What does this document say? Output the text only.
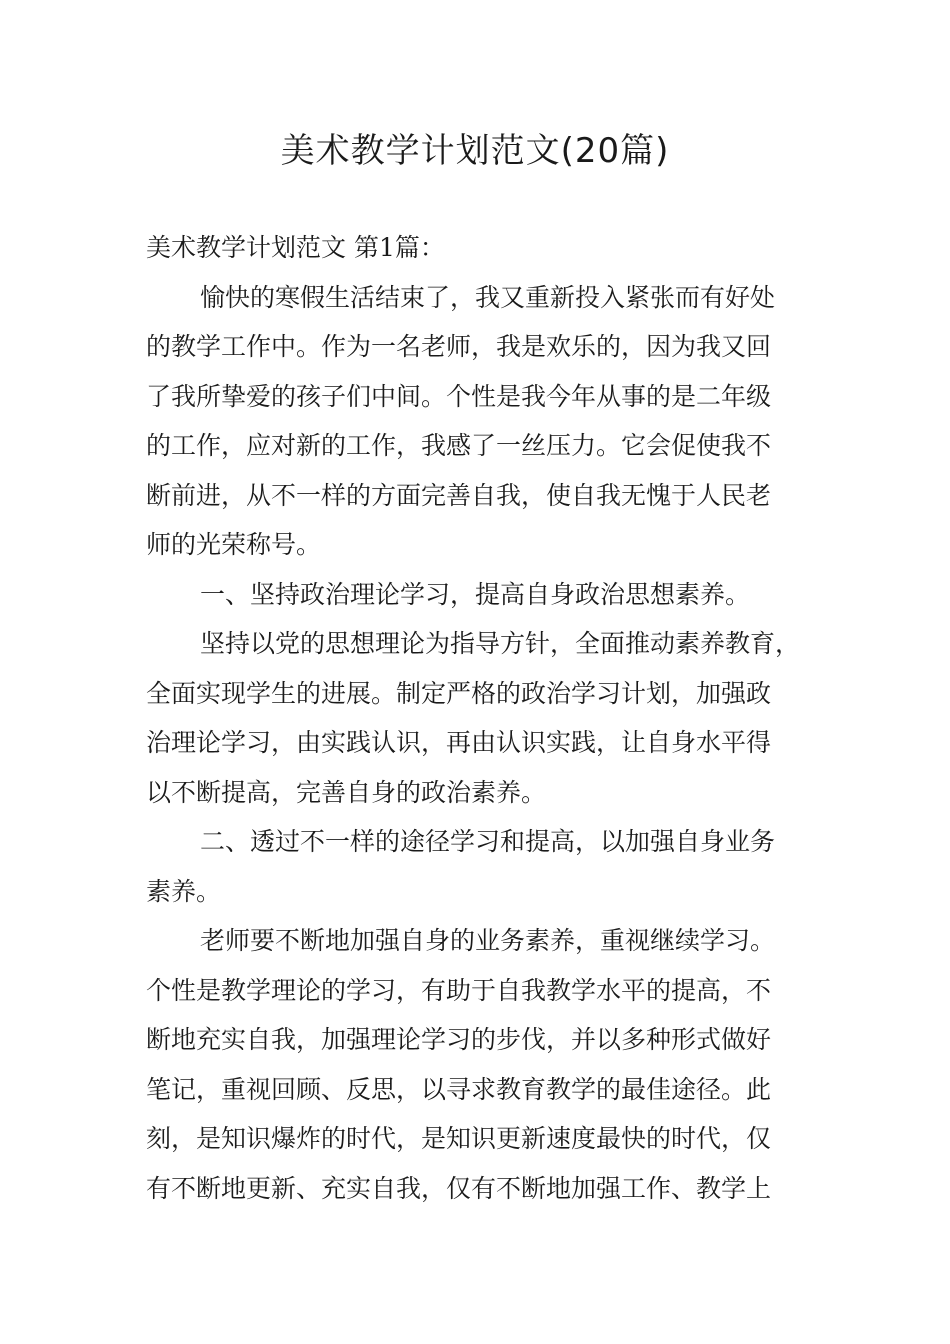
美术教学计划范文(20篇)
美术教学计划范文 第1篇：
愉快的寒假生活结束了，我又重新投入紧张而有好处
的教学工作中。作为一名老师，我是欢乐的，因为我又回
了我所挚爱的孩子们中间。个性是我今年从事的是二年级
的工作，应对新的工作，我感了一丝压力。它会促使我不
断前进，从不一样的方面完善自我，使自我无愧于人民老
师的光荣称号。
一、坚持政治理论学习，提高自身政治思想素养。
坚持以党的思想理论为指导方针，全面推动素养教育，
全面实现学生的进展。制定严格的政治学习计划，加强政
治理论学习，由实践认识，再由认识实践，让自身水平得
以不断提高，完善自身的政治素养。
二、透过不一样的途径学习和提高，以加强自身业务
素养。
老师要不断地加强自身的业务素养，重视继续学习。
个性是教学理论的学习，有助于自我教学水平的提高，不
断地充实自我，加强理论学习的步伐，并以多种形式做好
笔记，重视回顾、反思，以寻求教育教学的最佳途径。此
刻，是知识爆炸的时代，是知识更新速度最快的时代，仅
有不断地更新、充实自我，仅有不断地加强工作、教学上
